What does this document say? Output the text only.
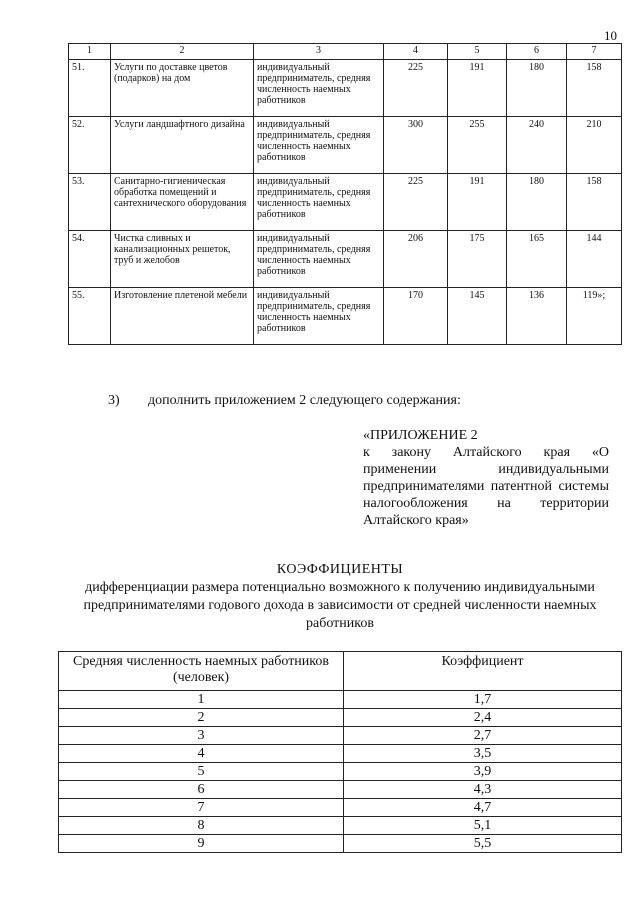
10
1	2	3	4	5	6	7
51.	Услуги по доставке цветов (подарков) на дом	индивидуальный предприниматель, средняя численность наемных работников	225	191	180	158
52.	Услуги ландшафтного дизайна	индивидуальный предприниматель, средняя численность наемных работников	300	255	240	210
53.	Санитарно-гигиеническая обработка помещений и сантехнического оборудования	индивидуальный предприниматель, средняя численность наемных работников	225	191	180	158
54.	Чистка сливных и канализационных решеток, труб и желобов	индивидуальный предприниматель, средняя численность наемных работников	206	175	165	144
55.	Изготовление плетеной мебели	индивидуальный предприниматель, средняя численность наемных работников	170	145	136	119»;
3) дополнить приложением 2 следующего содержания:
«ПРИЛОЖЕНИЕ 2
к закону Алтайского края «О применении индивидуальными предпринимателями патентной системы налогообложения на территории Алтайского края»
КОЭФФИЦИЕНТЫ
дифференциации размера потенциально возможного к получению индивидуальными предпринимателями годового дохода в зависимости от средней численности наемных работников
Средняя численность наемных работников (человек)	Коэффициент
1	1,7
2	2,4
3	2,7
4	3,5
5	3,9
6	4,3
7	4,7
8	5,1
9	5,5
